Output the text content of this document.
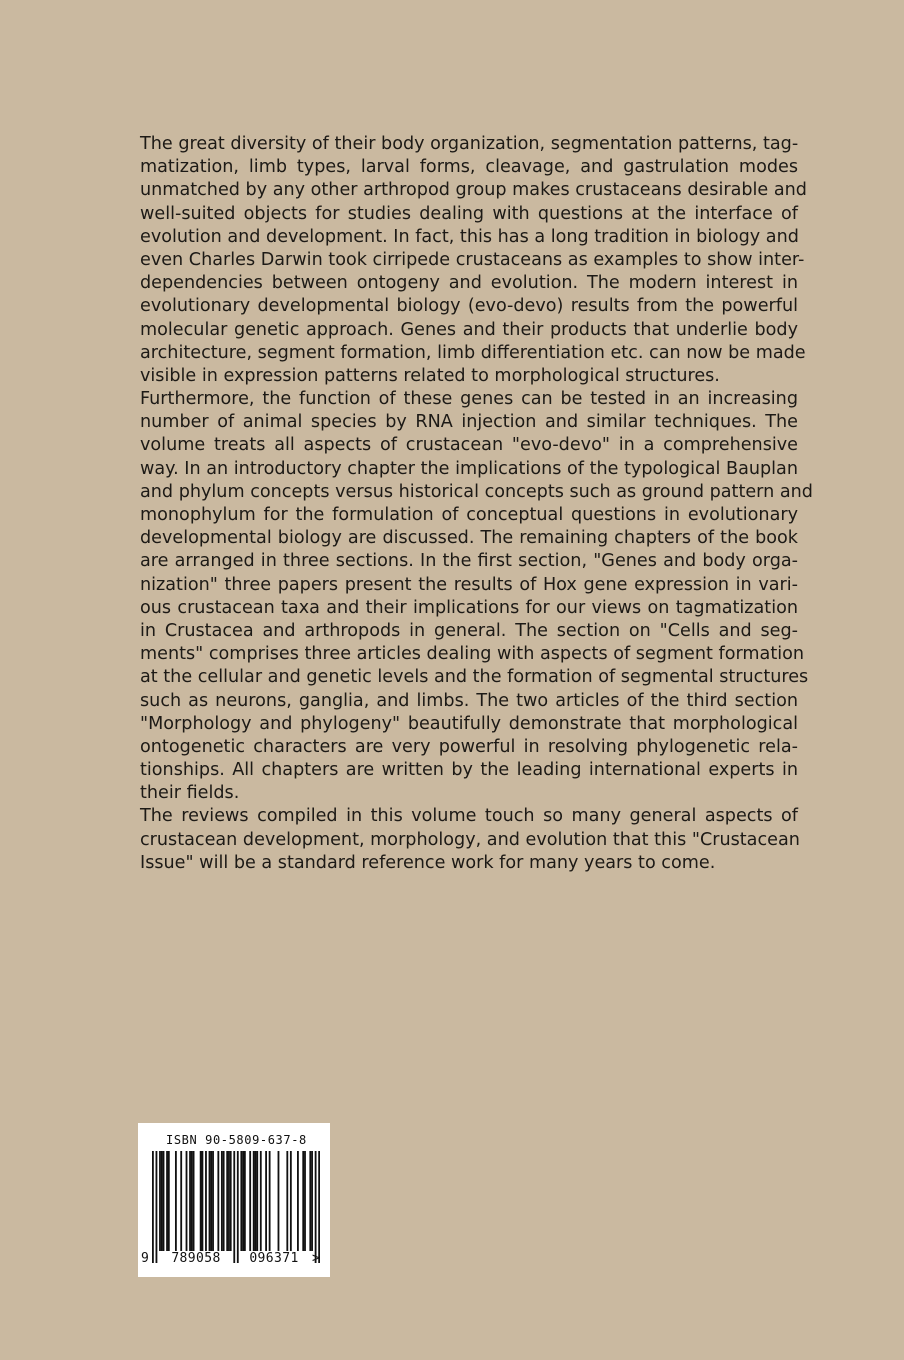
The great diversity of their body organization, segmentation patterns, tag-
matization, limb types, larval forms, cleavage, and gastrulation modes
unmatched by any other arthropod group makes crustaceans desirable and
well-suited objects for studies dealing with questions at the interface of
evolution and development. In fact, this has a long tradition in biology and
even Charles Darwin took cirripede crustaceans as examples to show inter-
dependencies between ontogeny and evolution. The modern interest in
evolutionary developmental biology (evo-devo) results from the powerful
molecular genetic approach. Genes and their products that underlie body
architecture, segment formation, limb differentiation etc. can now be made
visible in expression patterns related to morphological structures.
Furthermore, the function of these genes can be tested in an increasing
number of animal species by RNA injection and similar techniques. The
volume treats all aspects of crustacean "evo-devo" in a comprehensive
way. In an introductory chapter the implications of the typological Bauplan
and phylum concepts versus historical concepts such as ground pattern and
monophylum for the formulation of conceptual questions in evolutionary
developmental biology are discussed. The remaining chapters of the book
are arranged in three sections. In the first section, "Genes and body orga-
nization" three papers present the results of Hox gene expression in vari-
ous crustacean taxa and their implications for our views on tagmatization
in Crustacea and arthropods in general. The section on "Cells and seg-
ments" comprises three articles dealing with aspects of segment formation
at the cellular and genetic levels and the formation of segmental structures
such as neurons, ganglia, and limbs. The two articles of the third section
"Morphology and phylogeny" beautifully demonstrate that morphological
ontogenetic characters are very powerful in resolving phylogenetic rela-
tionships. All chapters are written by the leading international experts in
their fields.
The reviews compiled in this volume touch so many general aspects of
crustacean development, morphology, and evolution that this "Crustacean
Issue" will be a standard reference work for many years to come.
ISBN 90-5809-637-8
9	789058	096371	>
